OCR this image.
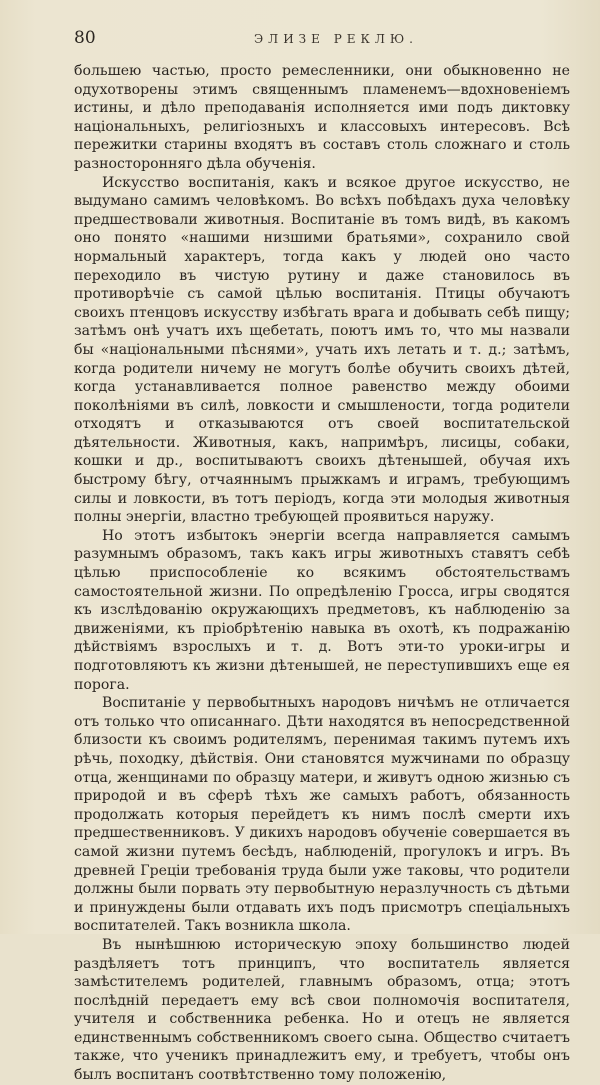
80	ЭЛИЗЕ РЕКЛЮ.

большею частью, просто ремесленники, они обыкновенно не одухотворены этимъ священнымъ пламенемъ—вдохновеніемъ истины, и дѣло преподаванія исполняется ими подъ диктовку національныхъ, религіозныхъ и классовыхъ интересовъ. Всѣ пережитки старины входятъ въ составъ столь сложнаго и столь разносторонняго дѣла обученія.

Искусство воспитанія, какъ и всякое другое искусство, не выдумано самимъ человѣкомъ. Во всѣхъ побѣдахъ духа человѣку предшествовали животныя. Воспитаніе въ томъ видѣ, въ какомъ оно понято «нашими низшими братьями», сохранило свой нормальный характеръ, тогда какъ у людей оно часто переходило въ чистую рутину и даже становилось въ противорѣчіе съ самой цѣлью воспитанія. Птицы обучаютъ своихъ птенцовъ искусству избѣгать врага и добывать себѣ пищу; затѣмъ онѣ учатъ ихъ щебетать, поютъ имъ то, что мы назвали бы «національными пѣснями», учать ихъ летать и т. д.; затѣмъ, когда родители ничему не могутъ болѣе обучить своихъ дѣтей, когда устанавливается полное равенство между обоими поколѣніями въ силѣ, ловкости и смышлености, тогда родители отходятъ и отказываются отъ своей воспитательской дѣятельности. Животныя, какъ, напримѣръ, лисицы, собаки, кошки и др., воспитываютъ своихъ дѣтенышей, обучая ихъ быстрому бѣгу, отчаяннымъ прыжкамъ и играмъ, требующимъ силы и ловкости, въ тотъ періодъ, когда эти молодыя животныя полны энергіи, властно требующей проявиться наружу.

Но этотъ избытокъ энергіи всегда направляется самымъ разумнымъ образомъ, такъ какъ игры животныхъ ставятъ себѣ цѣлью приспособленіе ко всякимъ обстоятельствамъ самостоятельной жизни. По опредѣленію Гросса, игры сводятся къ изслѣдованію окружающихъ предметовъ, къ наблюденію за движеніями, къ пріобрѣтенію навыка въ охотѣ, къ подражанію дѣйствіямъ взрослыхъ и т. д. Вотъ эти-то уроки-игры и подготовляютъ къ жизни дѣтенышей, не переступившихъ еще ея порога.

Воспитаніе у первобытныхъ народовъ ничѣмъ не отличается отъ только что описаннаго. Дѣти находятся въ непосредственной близости къ своимъ родителямъ, перенимая такимъ путемъ ихъ рѣчь, походку, дѣйствія. Они становятся мужчинами по образцу отца, женщинами по образцу матери, и живутъ одною жизнью съ природой и въ сферѣ тѣхъ же самыхъ работъ, обязанность продолжать которыя перейдетъ къ нимъ послѣ смерти ихъ предшественниковъ. У дикихъ народовъ обученіе совершается въ самой жизни путемъ бесѣдъ, наблюденій, прогулокъ и игръ. Въ древней Греціи требованія труда были уже таковы, что родители должны были порвать эту первобытную неразлучность съ дѣтьми и принуждены были отдавать ихъ подъ присмотръ спеціальныхъ воспитателей. Такъ возникла школа.

Въ нынѣшнюю историческую эпоху большинство людей раздѣляетъ тотъ принципъ, что воспитатель является замѣстителемъ родителей, главнымъ образомъ, отца; этотъ послѣдній передаетъ ему всѣ свои полномочія воспитателя, учителя и собственника ребенка. Но и отецъ не является единственнымъ собственникомъ своего сына. Общество считаетъ также, что ученикъ принадлежитъ ему, и требуетъ, чтобы онъ былъ воспитанъ соотвѣтственно тому положенію,
